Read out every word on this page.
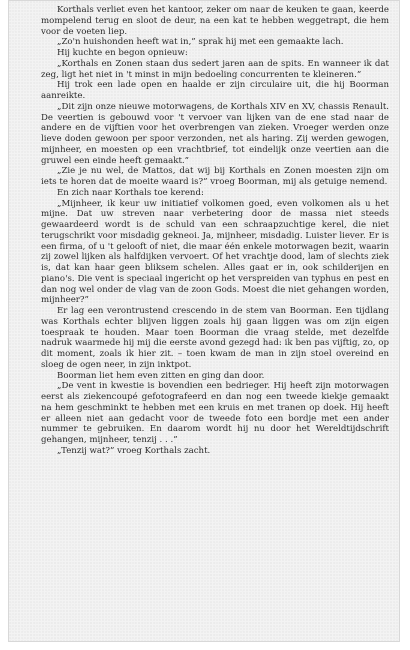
Korthals verliet even het kantoor, zeker om naar de keuken te gaan, keerde mompelend terug en sloot de deur, na een kat te hebben weggetrapt, die hem voor de voeten liep.

„Zo'n huishonden heeft wat in,” sprak hij met een gemaakte lach.

Hij kuchte en begon opnieuw:

„Korthals en Zonen staan dus sedert jaren aan de spits. En wanneer ik dat zeg, ligt het niet in 't minst in mijn bedoeling concurrenten te kleineren.”

Hij trok een lade open en haalde er zijn circulaire uit, die hij Boorman aanreikte.

„Dit zijn onze nieuwe motorwagens, de Korthals XIV en XV, chassis Renault. De veertien is gebouwd voor 't vervoer van lijken van de ene stad naar de andere en de vijftien voor het overbrengen van zieken. Vroeger werden onze lieve doden gewoon per spoor verzonden, net als haring. Zij werden gewogen, mijnheer, en moesten op een vrachtbrief, tot eindelijk onze veertien aan die gruwel een einde heeft gemaakt.”

„Zie je nu wel, de Mattos, dat wij bij Korthals en Zonen moesten zijn om iets te horen dat de moeite waard is?” vroeg Boorman, mij als getuige nemend.

En zich naar Korthals toe kerend:

„Mijnheer, ik keur uw initiatief volkomen goed, even volkomen als u het mijne. Dat uw streven naar verbetering door de massa niet steeds gewaardeerd wordt is de schuld van een schraapzuchtige kerel, die niet terugschrikt voor misdadig gekneoi. Ja, mijnheer, misdadig. Luister liever. Er is een firma, of u 't gelooft of niet, die maar één enkele motorwagen bezit, waarin zij zowel lijken als halfdijken vervoert. Of het vrachtje dood, lam of slechts ziek is, dat kan haar geen bliksem schelen. Alles gaat er in, ook schilderijen en piano's. Die vent is speciaal ingericht op het verspreiden van typhus en pest en dan nog wel onder de vlag van de zoon Gods. Moest die niet gehangen worden, mijnheer?”

Er lag een verontrustend crescendo in de stem van Boorman. Een tijdlang was Korthals echter blijven liggen zoals hij gaan liggen was om zijn eigen toespraak te houden. Maar toen Boorman die vraag stelde, met dezelfde nadruk waarmede hij mij die eerste avond gezegd had: ik ben pas vijftig, zo, op dit moment, zoals ik hier zit. – toen kwam de man in zijn stoel overeind en sloeg de ogen neer, in zijn inktpot.

Boorman liet hem even zitten en ging dan door.

„De vent in kwestie is bovendien een bedrieger. Hij heeft zijn motorwagen eerst als ziekencoupé gefotografeerd en dan nog een tweede kiekje gemaakt na hem geschminkt te hebben met een kruis en met tranen op doek. Hij heeft er alleen niet aan gedacht voor de tweede foto een bordje met een ander nummer te gebruiken. En daarom wordt hij nu door het Wereldtijdschrift gehangen, mijnheer, tenzij . . .”

„Tenzij wat?” vroeg Korthals zacht.
